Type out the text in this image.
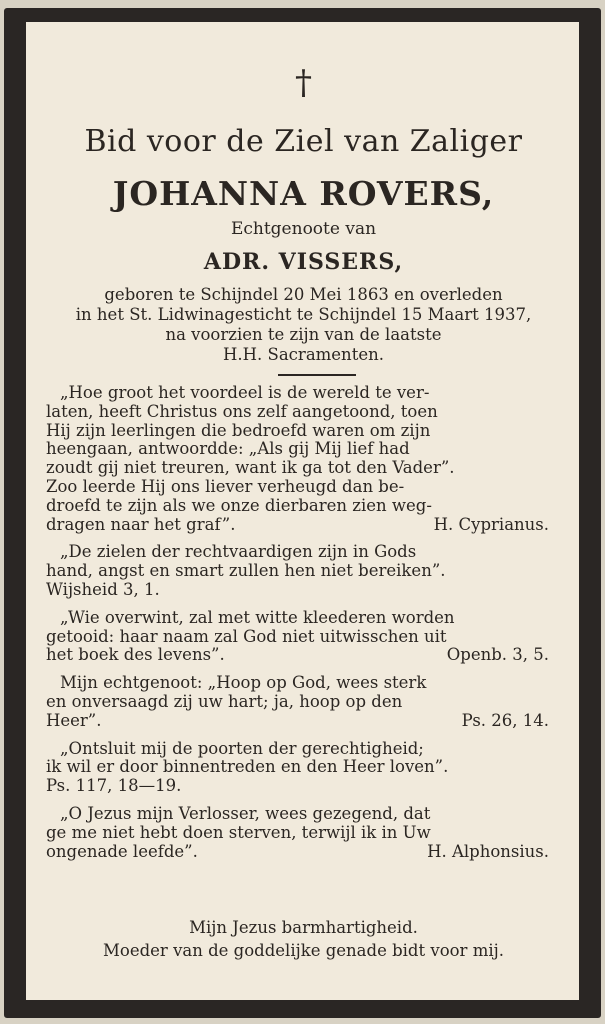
†
Bid voor de Ziel van Zaliger
JOHANNA ROVERS,
Echtgenoote van
ADR. VISSERS,
geboren te Schijndel 20 Mei 1863 en overleden
in het St. Lidwinagesticht te Schijndel 15 Maart 1937,
na voorzien te zijn van de laatste
H.H. Sacramenten.
„Hoe groot het voordeel is de wereld te ver-
laten, heeft Christus ons zelf aangetoond, toen
Hij zijn leerlingen die bedroefd waren om zijn
heengaan, antwoordde: „Als gij Mij lief had
zoudt gij niet treuren, want ik ga tot den Vader”.
Zoo leerde Hij ons liever verheugd dan be-
droefd te zijn als we onze dierbaren zien weg-
dragen naar het graf”.	H. Cyprianus.
„De zielen der rechtvaardigen zijn in Gods
hand, angst en smart zullen hen niet bereiken”.
Wijsheid 3, 1.
„Wie overwint, zal met witte kleederen worden
getooid: haar naam zal God niet uitwisschen uit
het boek des levens”.	Openb. 3, 5.
Mijn echtgenoot: „Hoop op God, wees sterk
en onversaagd zij uw hart; ja, hoop op den
Heer”.	Ps. 26, 14.
„Ontsluit mij de poorten der gerechtigheid;
ik wil er door binnentreden en den Heer loven”.
Ps. 117, 18—19.
„O Jezus mijn Verlosser, wees gezegend, dat
ge me niet hebt doen sterven, terwijl ik in Uw
ongenade leefde”.	H. Alphonsius.
Mijn Jezus barmhartigheid.
Moeder van de goddelijke genade bidt voor mij.
